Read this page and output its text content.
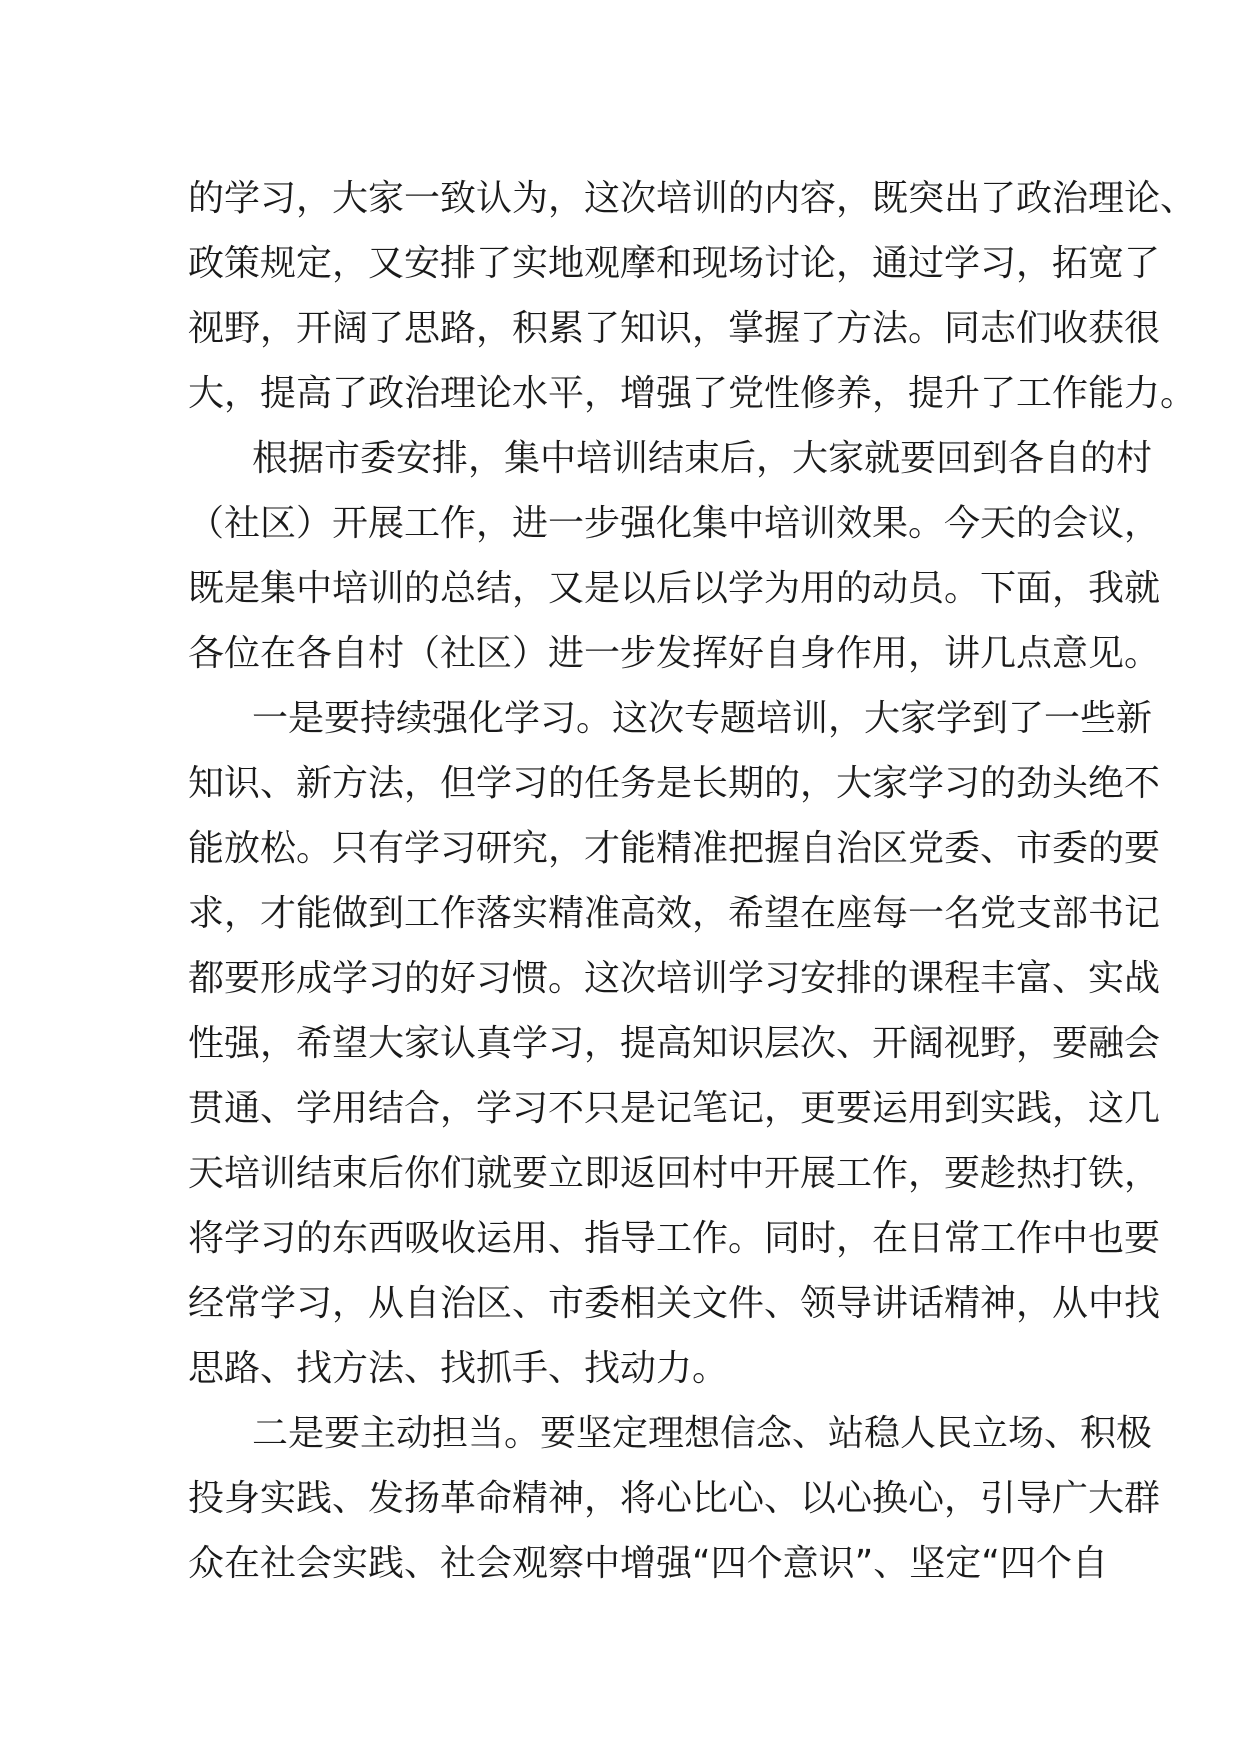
的学习，大家一致认为，这次培训的内容，既突出了政治理论、
政策规定，又安排了实地观摩和现场讨论，通过学习，拓宽了
视野，开阔了思路，积累了知识，掌握了方法。同志们收获很
大，提高了政治理论水平，增强了党性修养，提升了工作能力。
根据市委安排，集中培训结束后，大家就要回到各自的村
（社区）开展工作，进一步强化集中培训效果。今天的会议，
既是集中培训的总结，又是以后以学为用的动员。下面，我就
各位在各自村（社区）进一步发挥好自身作用，讲几点意见。
一是要持续强化学习。这次专题培训，大家学到了一些新
知识、新方法，但学习的任务是长期的，大家学习的劲头绝不
能放松。只有学习研究，才能精准把握自治区党委、市委的要
求，才能做到工作落实精准高效，希望在座每一名党支部书记
都要形成学习的好习惯。这次培训学习安排的课程丰富、实战
性强，希望大家认真学习，提高知识层次、开阔视野，要融会
贯通、学用结合，学习不只是记笔记，更要运用到实践，这几
天培训结束后你们就要立即返回村中开展工作，要趁热打铁，
将学习的东西吸收运用、指导工作。同时，在日常工作中也要
经常学习，从自治区、市委相关文件、领导讲话精神，从中找
思路、找方法、找抓手、找动力。
二是要主动担当。要坚定理想信念、站稳人民立场、积极
投身实践、发扬革命精神，将心比心、以心换心，引导广大群
众在社会实践、社会观察中增强“四个意识”、坚定“四个自
